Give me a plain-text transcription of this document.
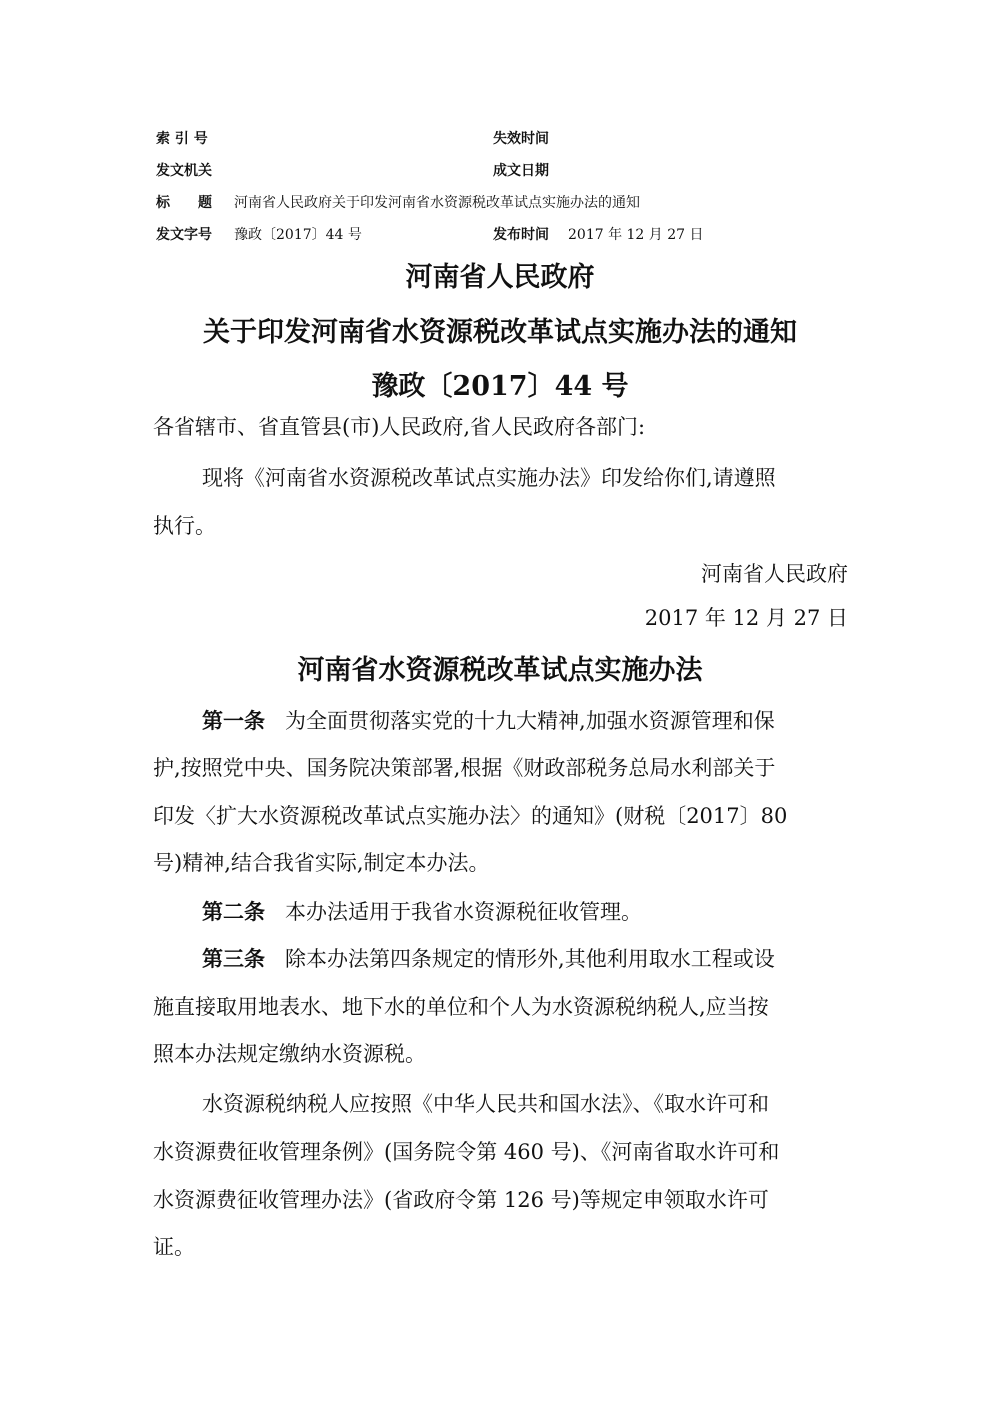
索 引 号	失效时间
发文机关	成文日期
标　　题 河南省人民政府关于印发河南省水资源税改革试点实施办法的通知
发文字号 豫政〔2017〕44 号	发布时间 2017 年 12 月 27 日
河南省人民政府
关于印发河南省水资源税改革试点实施办法的通知
豫政〔2017〕44 号
各省辖市、省直管县(市)人民政府,省人民政府各部门:
现将《河南省水资源税改革试点实施办法》印发给你们,请遵照
执行。
河南省人民政府
2017 年 12 月 27 日
河南省水资源税改革试点实施办法
第一条 为全面贯彻落实党的十九大精神,加强水资源管理和保
护,按照党中央、国务院决策部署,根据《财政部税务总局水利部关于
印发〈扩大水资源税改革试点实施办法〉的通知》(财税〔2017〕80
号)精神,结合我省实际,制定本办法。
第二条 本办法适用于我省水资源税征收管理。
第三条 除本办法第四条规定的情形外,其他利用取水工程或设
施直接取用地表水、地下水的单位和个人为水资源税纳税人,应当按
照本办法规定缴纳水资源税。
水资源税纳税人应按照《中华人民共和国水法》、《取水许可和
水资源费征收管理条例》(国务院令第 460 号)、《河南省取水许可和
水资源费征收管理办法》(省政府令第 126 号)等规定申领取水许可
证。
